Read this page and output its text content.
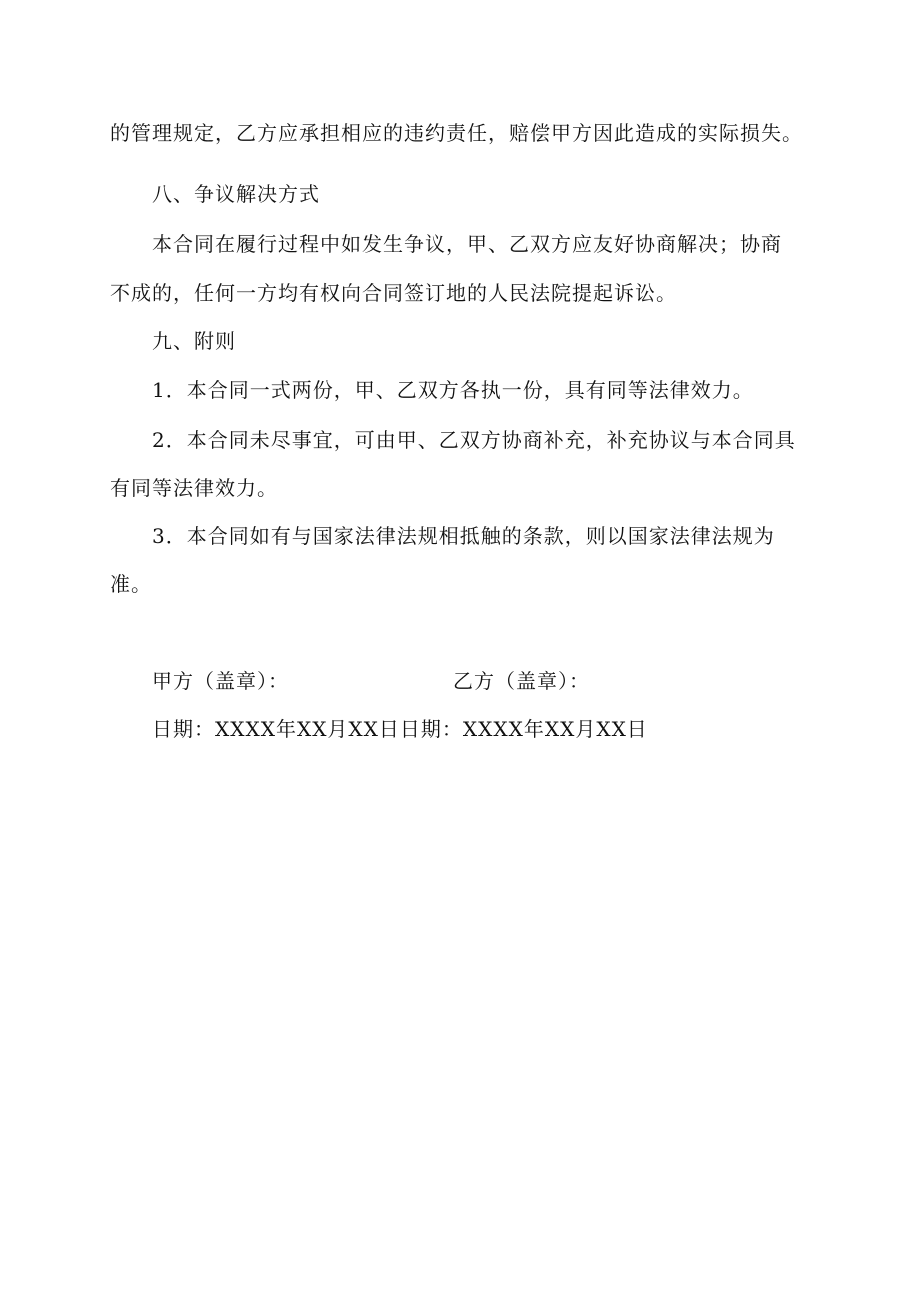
的管理规定，乙方应承担相应的违约责任，赔偿甲方因此造成的实际损失。
八、争议解决方式
本合同在履行过程中如发生争议，甲、乙双方应友好协商解决；协商
不成的，任何一方均有权向合同签订地的人民法院提起诉讼。
九、附则
1．本合同一式两份，甲、乙双方各执一份，具有同等法律效力。
2．本合同未尽事宜，可由甲、乙双方协商补充，补充协议与本合同具
有同等法律效力。
3．本合同如有与国家法律法规相抵触的条款，则以国家法律法规为
准。
甲方（盖章）：	乙方（盖章）：
日期：XXXX年XX月XX日日期：XXXX年XX月XX日
